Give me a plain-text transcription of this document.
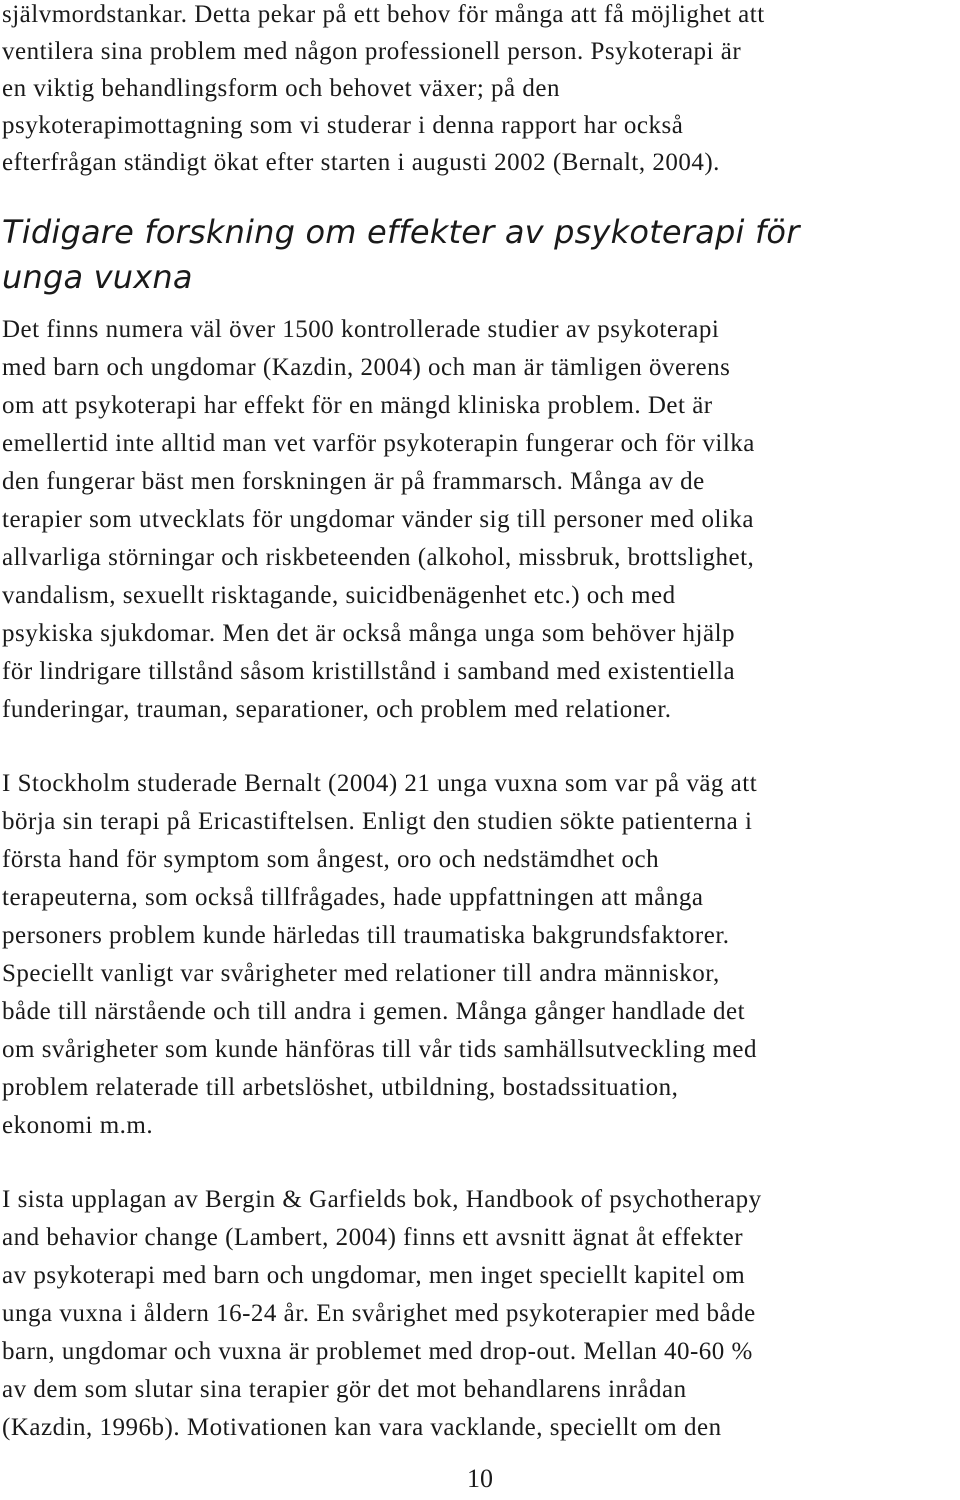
självmordstankar. Detta pekar på ett behov för många att få möjlighet att
ventilera sina problem med någon professionell person. Psykoterapi är
en viktig behandlingsform och behovet växer; på den
psykoterapimottagning som vi studerar i denna rapport har också
efterfrågan ständigt ökat efter starten i augusti 2002 (Bernalt, 2004).
Tidigare forskning om effekter av psykoterapi för
unga vuxna
Det finns numera väl över 1500 kontrollerade studier av psykoterapi
med barn och ungdomar (Kazdin, 2004) och man är tämligen överens
om att psykoterapi har effekt för en mängd kliniska problem. Det är
emellertid inte alltid man vet varför psykoterapin fungerar och för vilka
den fungerar bäst men forskningen är på frammarsch. Många av de
terapier som utvecklats för ungdomar vänder sig till personer med olika
allvarliga störningar och riskbeteenden (alkohol, missbruk, brottslighet,
vandalism, sexuellt risktagande, suicidbenägenhet etc.) och med
psykiska sjukdomar. Men det är också många unga som behöver hjälp
för lindrigare tillstånd såsom kristillstånd i samband med existentiella
funderingar, trauman, separationer, och problem med relationer.
I Stockholm studerade Bernalt (2004) 21 unga vuxna som var på väg att
börja sin terapi på Ericastiftelsen. Enligt den studien sökte patienterna i
första hand för symptom som ångest, oro och nedstämdhet och
terapeuterna, som också tillfrågades, hade uppfattningen att många
personers problem kunde härledas till traumatiska bakgrundsfaktorer.
Speciellt vanligt var svårigheter med relationer till andra människor,
både till närstående och till andra i gemen. Många gånger handlade det
om svårigheter som kunde hänföras till vår tids samhällsutveckling med
problem relaterade till arbetslöshet, utbildning, bostadssituation,
ekonomi m.m.
I sista upplagan av Bergin & Garfields bok, Handbook of psychotherapy
and behavior change (Lambert, 2004) finns ett avsnitt ägnat åt effekter
av psykoterapi med barn och ungdomar, men inget speciellt kapitel om
unga vuxna i åldern 16-24 år. En svårighet med psykoterapier med både
barn, ungdomar och vuxna är problemet med drop-out. Mellan 40-60 %
av dem som slutar sina terapier gör det mot behandlarens inrådan
(Kazdin, 1996b). Motivationen kan vara vacklande, speciellt om den
10
